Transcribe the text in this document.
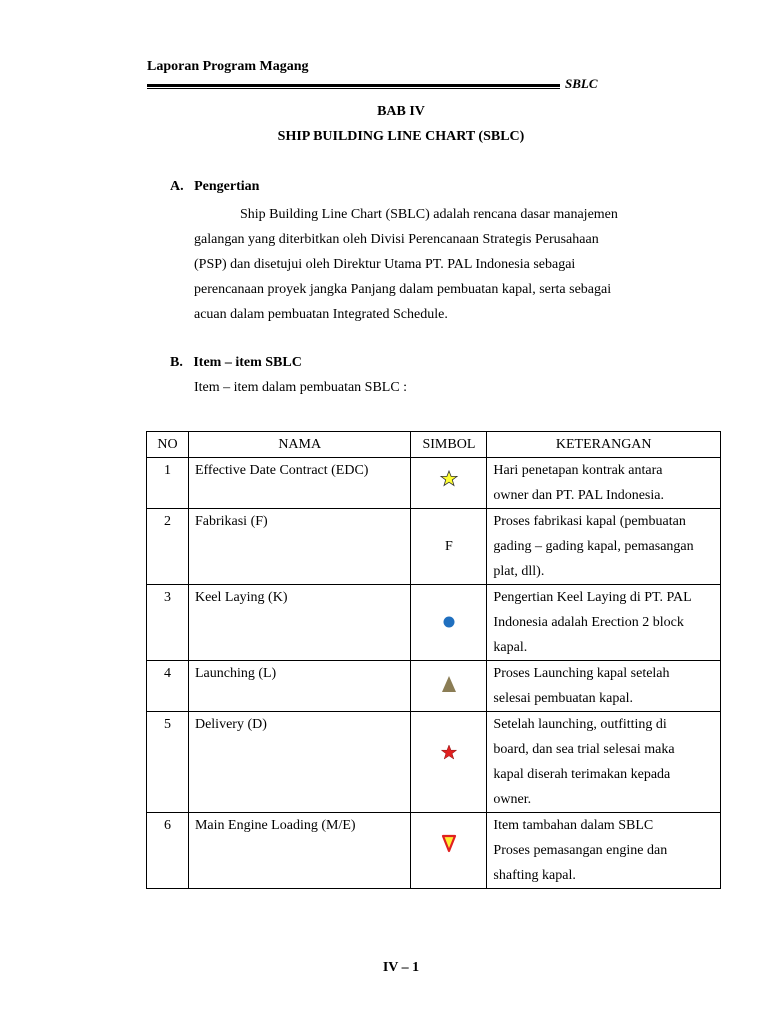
Laporan Program Magang
SBLC
BAB IV
SHIP BUILDING LINE CHART (SBLC)
A.   Pengertian
Ship Building Line Chart (SBLC) adalah rencana dasar manajemen
galangan yang diterbitkan oleh Divisi Perencanaan Strategis Perusahaan
(PSP) dan disetujui oleh Direktur Utama PT. PAL Indonesia sebagai
perencanaan proyek jangka Panjang dalam pembuatan kapal, serta sebagai
acuan dalam pembuatan Integrated Schedule.
B.   Item – item SBLC
Item – item dalam pembuatan SBLC :
NO	NAMA	SIMBOL	KETERANGAN
1	Effective Date Contract (EDC)		Hari penetapan kontrak antara
owner dan PT. PAL Indonesia.

2	Fabrikasi (F)	F	Proses fabrikasi kapal (pembuatan
gading – gading kapal, pemasangan
plat, dll).

3	Keel Laying (K)		Pengertian Keel Laying di PT. PAL
Indonesia adalah Erection 2 block
kapal.

4	Launching (L)		Proses Launching kapal setelah
selesai pembuatan kapal.

5	Delivery (D)		Setelah launching, outfitting di
board, dan sea trial selesai maka
kapal diserah terimakan kepada
owner.

6	Main Engine Loading (M/E)		Item tambahan dalam SBLC
Proses pemasangan engine dan
shafting kapal.
IV – 1
